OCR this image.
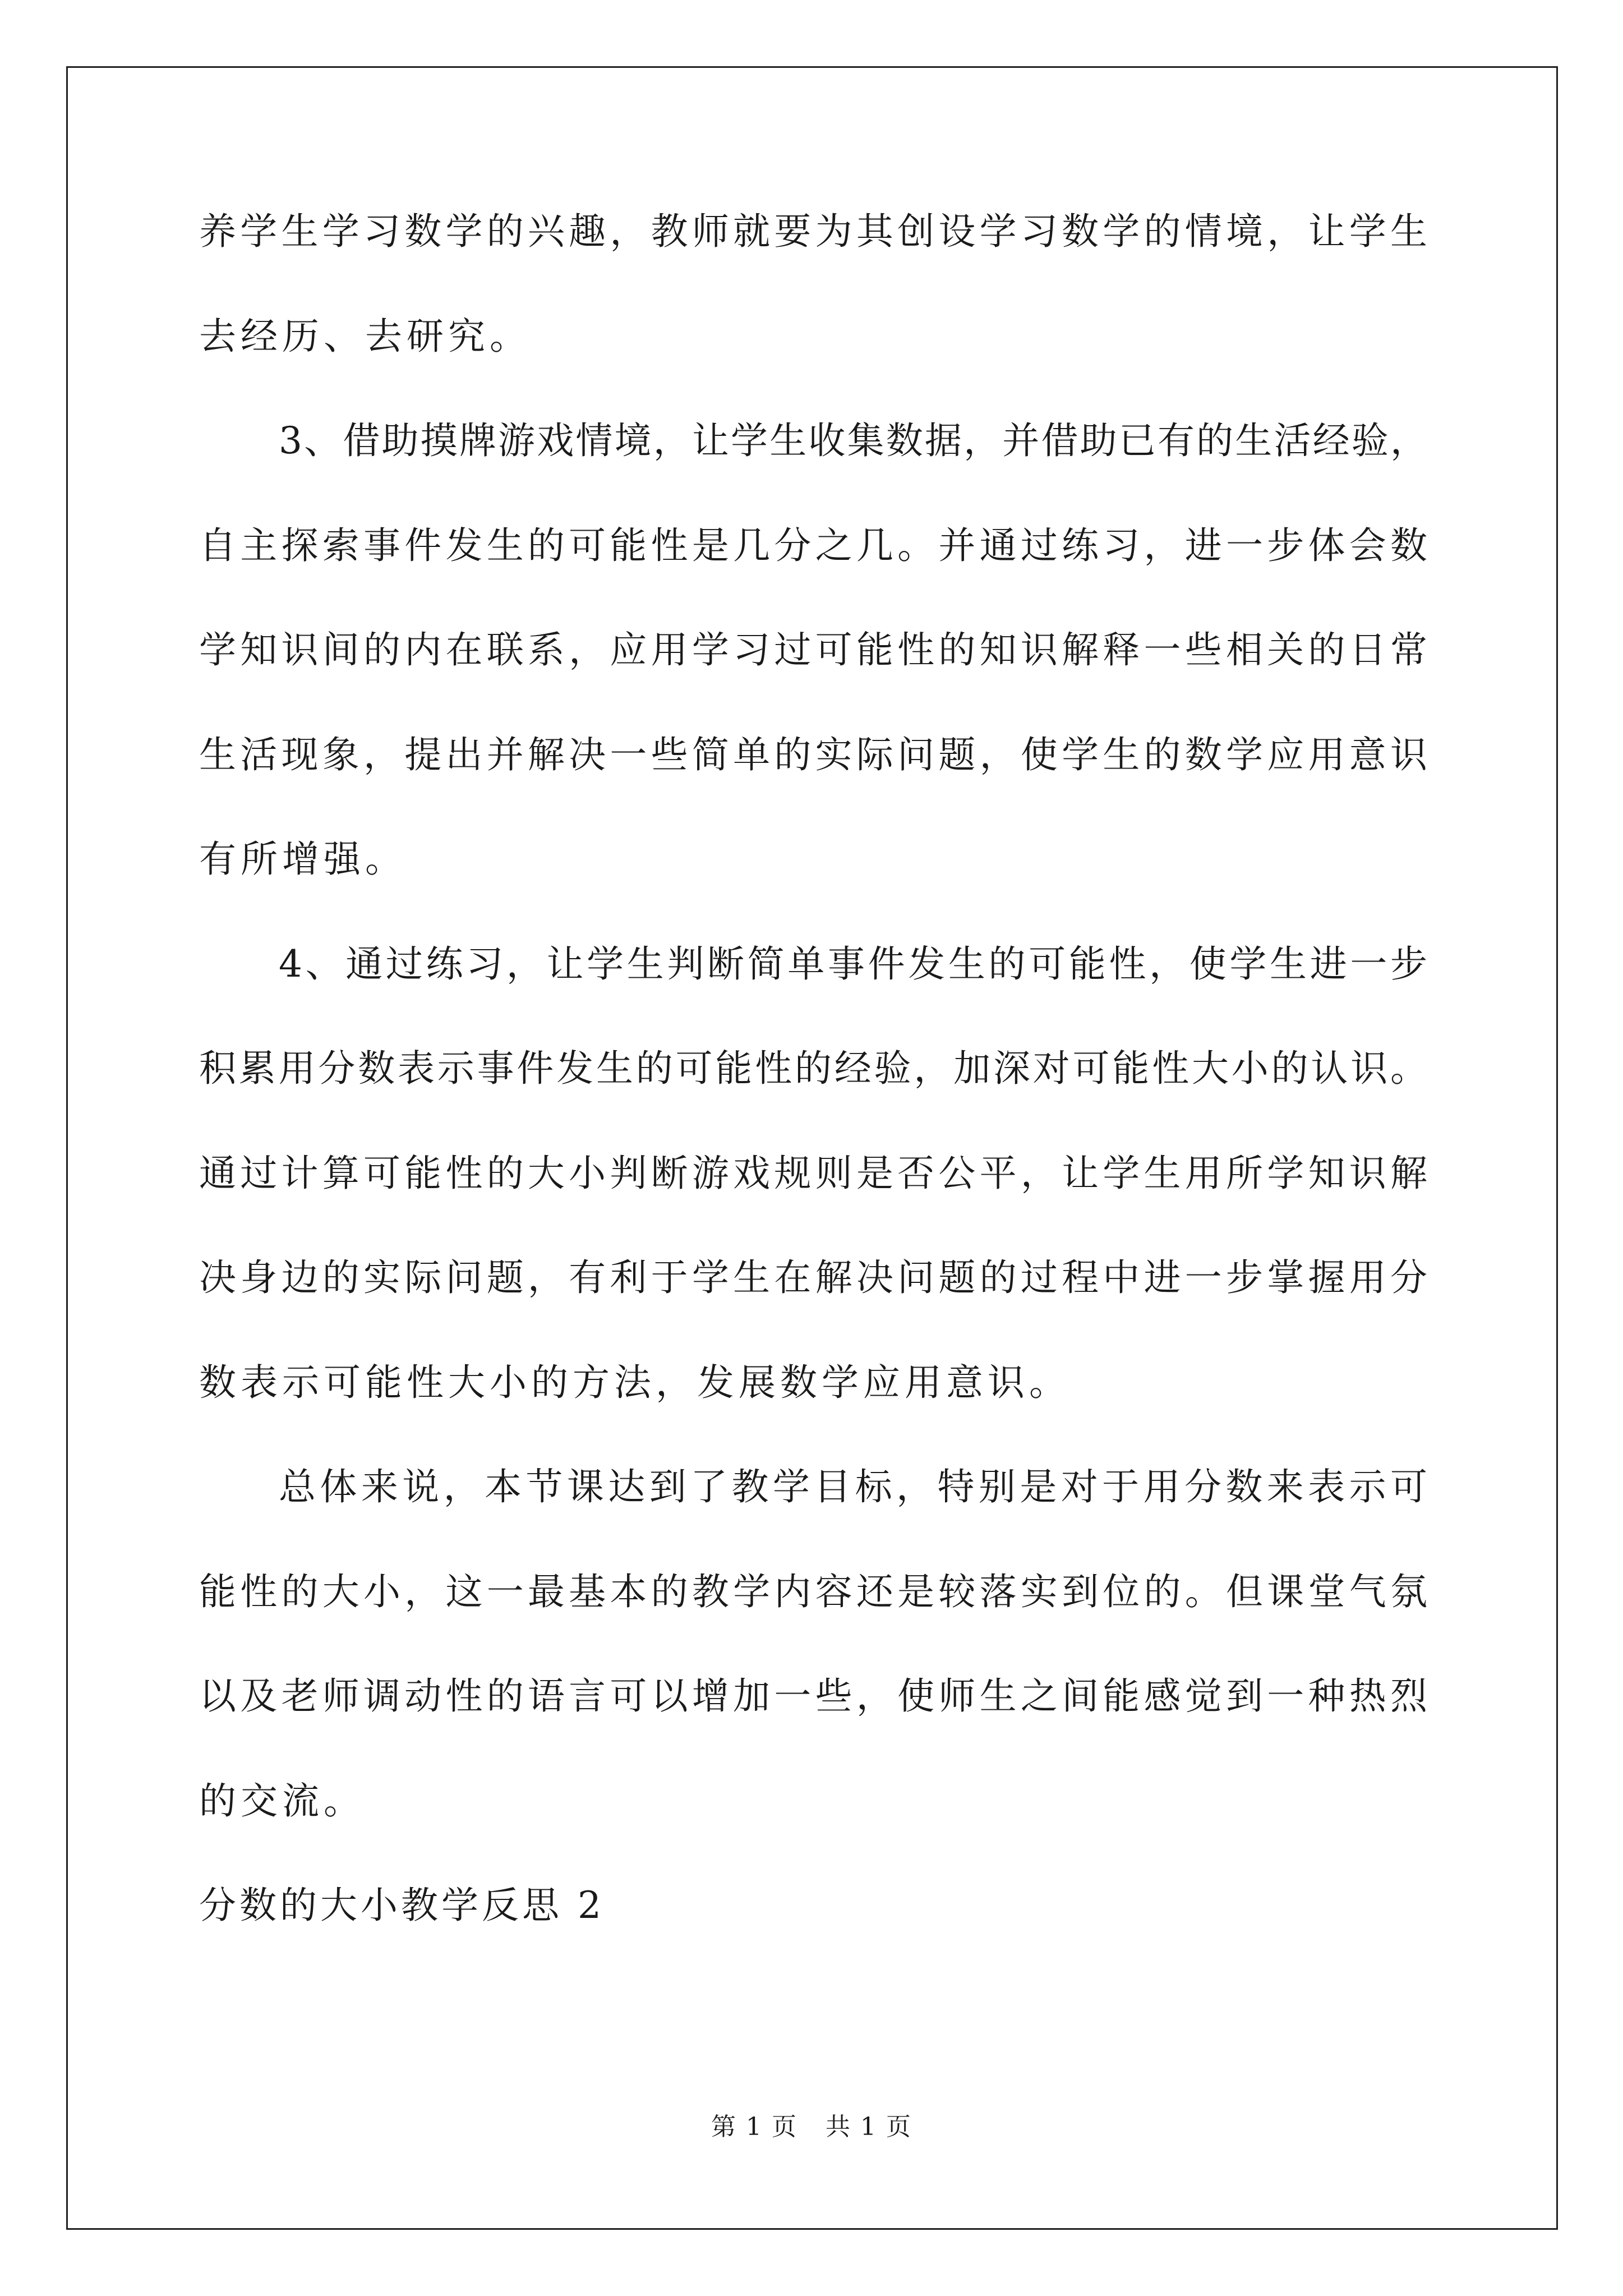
养学生学习数学的兴趣，教师就要为其创设学习数学的情境，让学生
去经历、去研究。
3、借助摸牌游戏情境，让学生收集数据，并借助已有的生活经验，
自主探索事件发生的可能性是几分之几。并通过练习，进一步体会数
学知识间的内在联系，应用学习过可能性的知识解释一些相关的日常
生活现象，提出并解决一些简单的实际问题，使学生的数学应用意识
有所增强。
4、通过练习，让学生判断简单事件发生的可能性，使学生进一步
积累用分数表示事件发生的可能性的经验，加深对可能性大小的认识。
通过计算可能性的大小判断游戏规则是否公平，让学生用所学知识解
决身边的实际问题，有利于学生在解决问题的过程中进一步掌握用分
数表示可能性大小的方法，发展数学应用意识。
总体来说，本节课达到了教学目标，特别是对于用分数来表示可
能性的大小，这一最基本的教学内容还是较落实到位的。但课堂气氛
以及老师调动性的语言可以增加一些，使师生之间能感觉到一种热烈
的交流。
分数的大小教学反思 2
第 1 页 共 1 页
